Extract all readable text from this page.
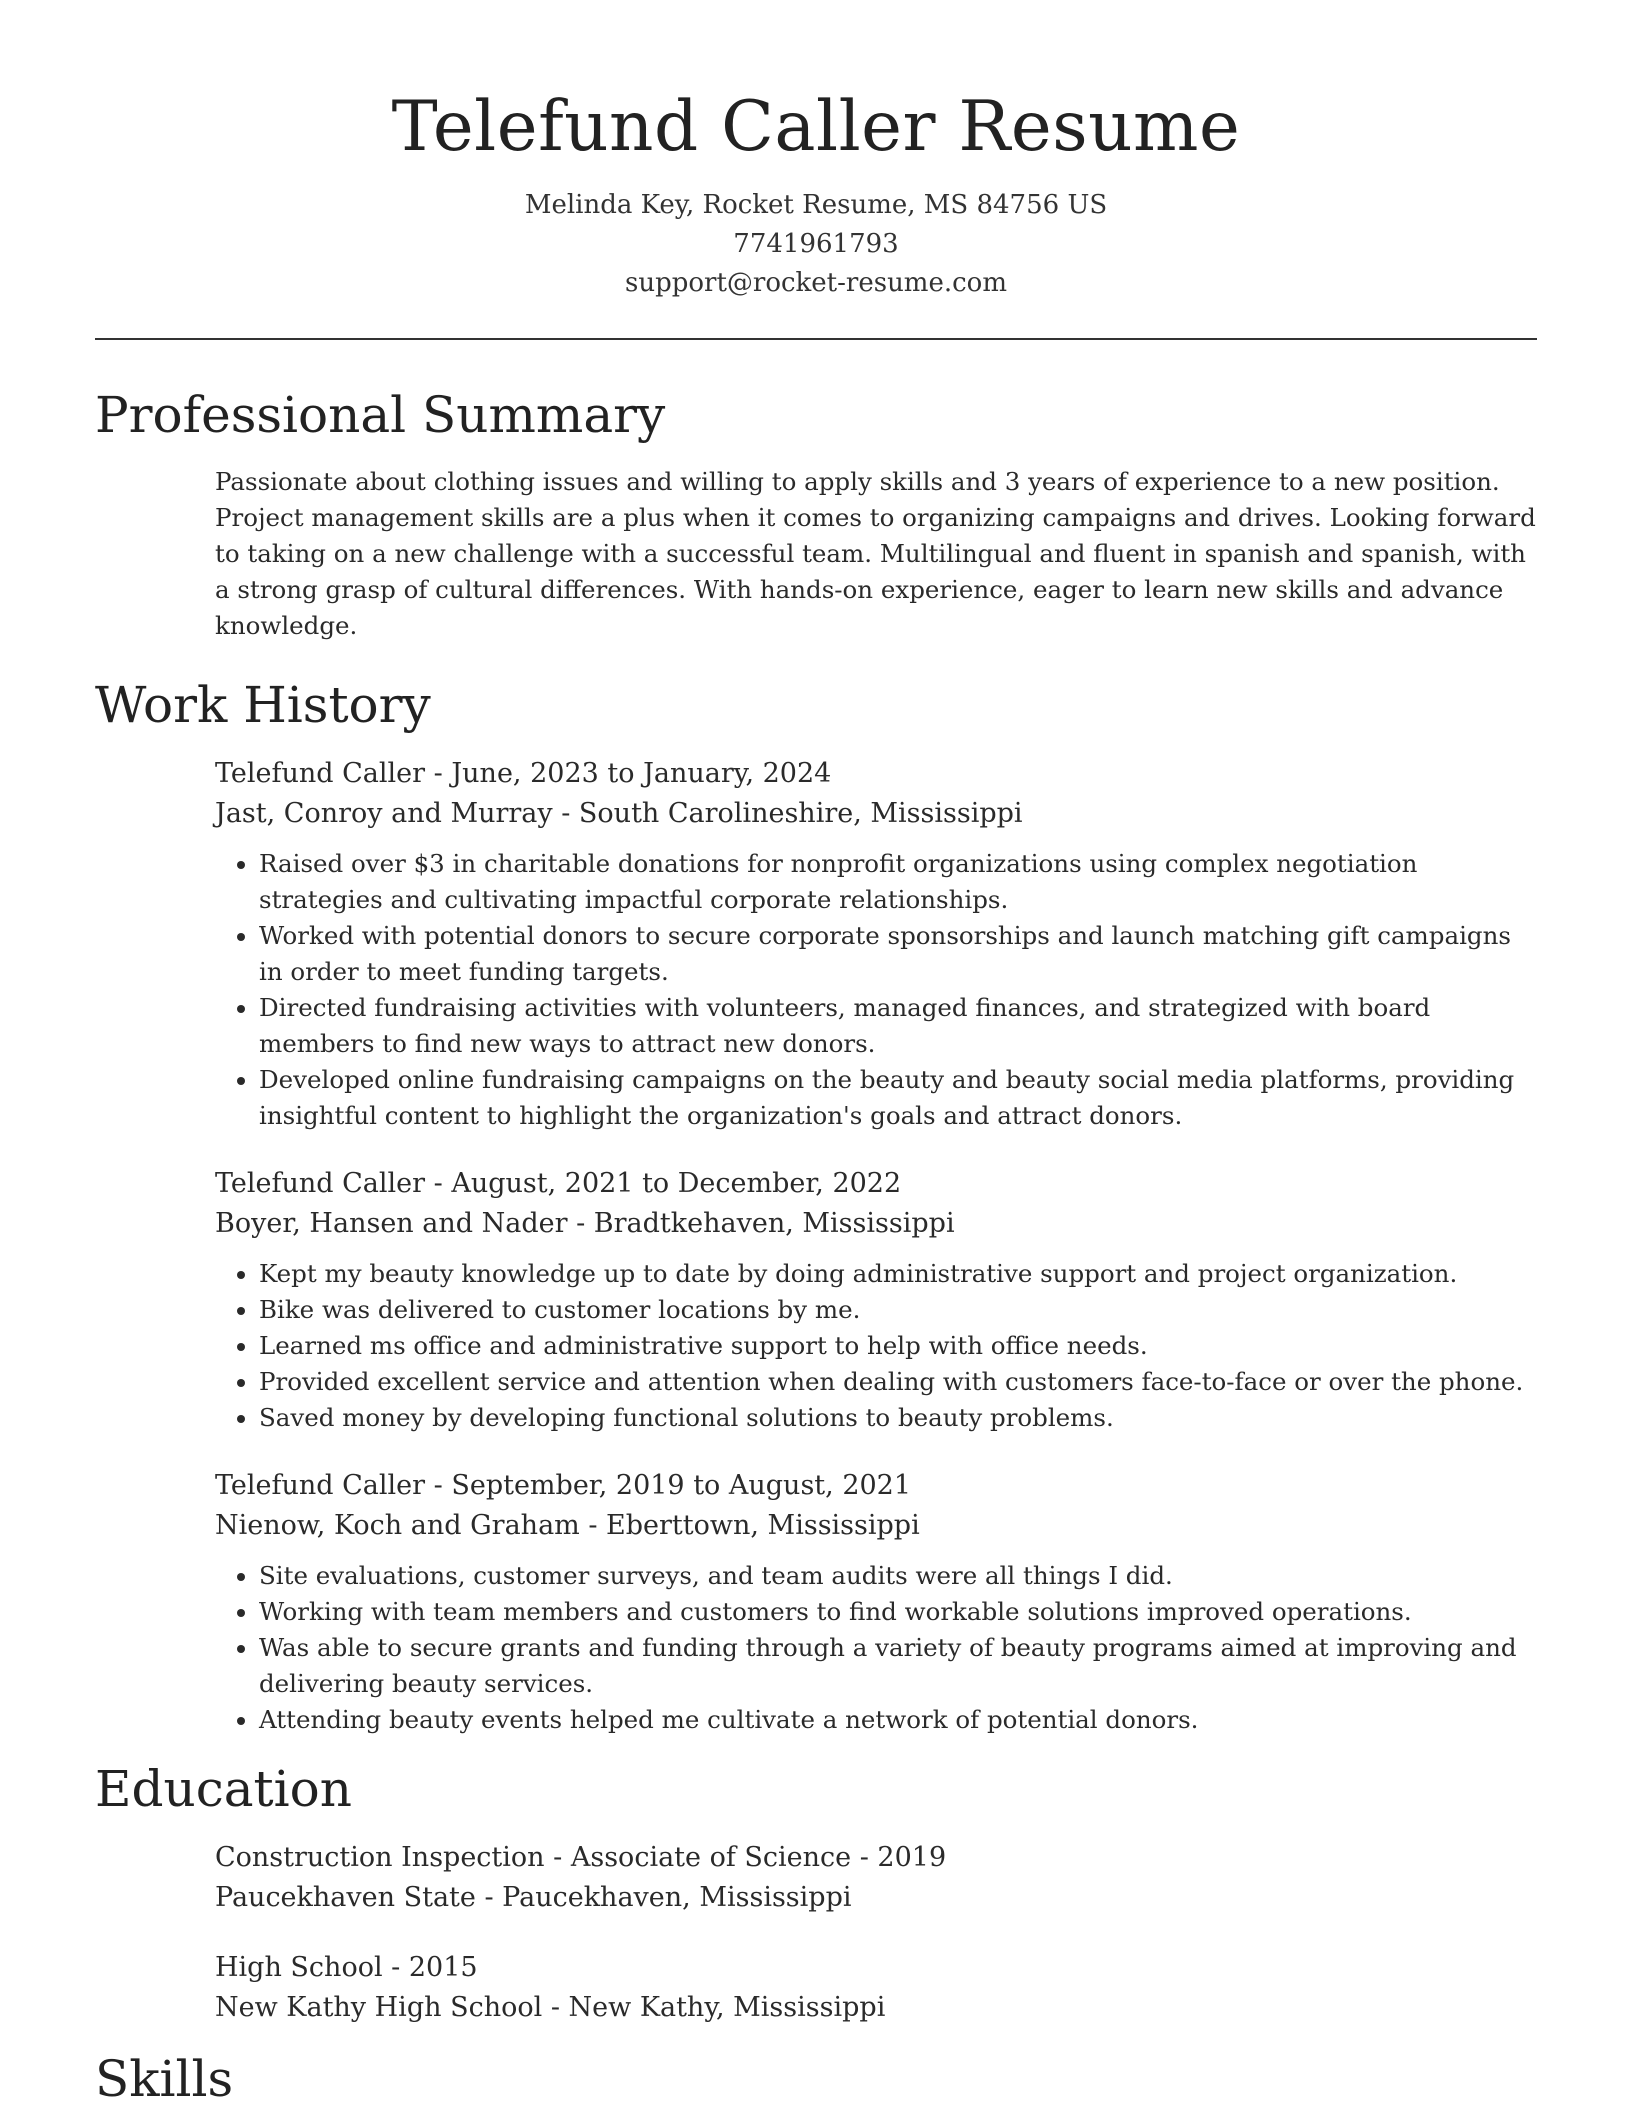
Telefund Caller Resume
Melinda Key, Rocket Resume, MS 84756 US
7741961793
support@rocket-resume.com
Professional Summary
Passionate about clothing issues and willing to apply skills and 3 years of experience to a new position. Project management skills are a plus when it comes to organizing campaigns and drives. Looking forward to taking on a new challenge with a successful team. Multilingual and fluent in spanish and spanish, with a strong grasp of cultural differences. With hands-on experience, eager to learn new skills and advance knowledge.
Work History
Telefund Caller - June, 2023 to January, 2024
Jast, Conroy and Murray - South Carolineshire, Mississippi
• Raised over $3 in charitable donations for nonprofit organizations using complex negotiation strategies and cultivating impactful corporate relationships.
• Worked with potential donors to secure corporate sponsorships and launch matching gift campaigns in order to meet funding targets.
• Directed fundraising activities with volunteers, managed finances, and strategized with board members to find new ways to attract new donors.
• Developed online fundraising campaigns on the beauty and beauty social media platforms, providing insightful content to highlight the organization's goals and attract donors.
Telefund Caller - August, 2021 to December, 2022
Boyer, Hansen and Nader - Bradtkehaven, Mississippi
• Kept my beauty knowledge up to date by doing administrative support and project organization.
• Bike was delivered to customer locations by me.
• Learned ms office and administrative support to help with office needs.
• Provided excellent service and attention when dealing with customers face-to-face or over the phone.
• Saved money by developing functional solutions to beauty problems.
Telefund Caller - September, 2019 to August, 2021
Nienow, Koch and Graham - Eberttown, Mississippi
• Site evaluations, customer surveys, and team audits were all things I did.
• Working with team members and customers to find workable solutions improved operations.
• Was able to secure grants and funding through a variety of beauty programs aimed at improving and delivering beauty services.
• Attending beauty events helped me cultivate a network of potential donors.
Education
Construction Inspection - Associate of Science - 2019
Paucekhaven State - Paucekhaven, Mississippi
High School - 2015
New Kathy High School - New Kathy, Mississippi
Skills
